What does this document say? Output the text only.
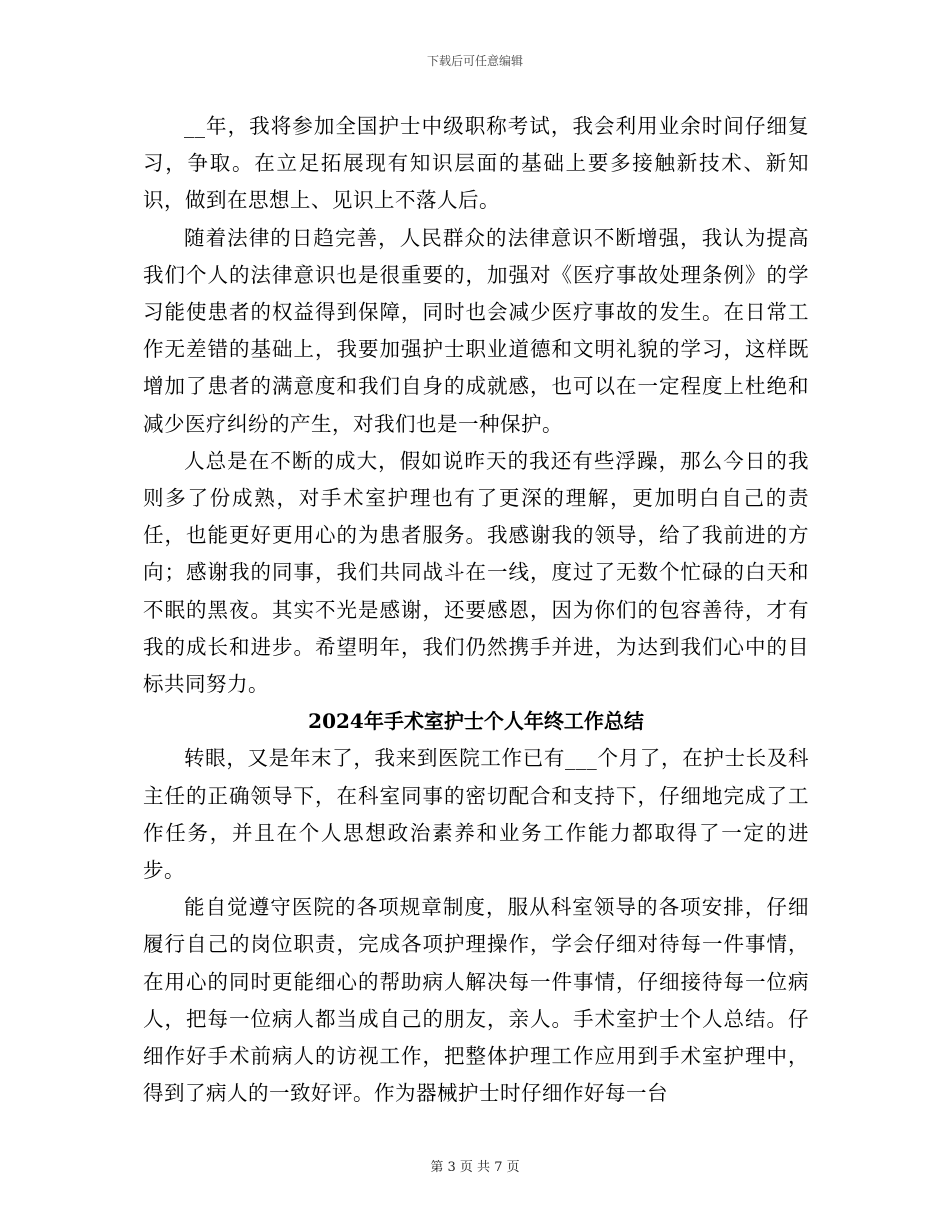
下载后可任意编辑

__年，我将参加全国护士中级职称考试，我会利用业余时间仔细复习，争取。在立足拓展现有知识层面的基础上要多接触新技术、新知识，做到在思想上、见识上不落人后。

随着法律的日趋完善，人民群众的法律意识不断增强，我认为提高我们个人的法律意识也是很重要的，加强对《医疗事故处理条例》的学习能使患者的权益得到保障，同时也会减少医疗事故的发生。在日常工作无差错的基础上，我要加强护士职业道德和文明礼貌的学习，这样既增加了患者的满意度和我们自身的成就感，也可以在一定程度上杜绝和减少医疗纠纷的产生，对我们也是一种保护。

人总是在不断的成大，假如说昨天的我还有些浮躁，那么今日的我则多了份成熟，对手术室护理也有了更深的理解，更加明白自己的责任，也能更好更用心的为患者服务。我感谢我的领导，给了我前进的方向；感谢我的同事，我们共同战斗在一线，度过了无数个忙碌的白天和不眠的黑夜。其实不光是感谢，还要感恩，因为你们的包容善待，才有我的成长和进步。希望明年，我们仍然携手并进，为达到我们心中的目标共同努力。

2024年手术室护士个人年终工作总结

转眼，又是年末了，我来到医院工作已有___个月了，在护士长及科主任的正确领导下，在科室同事的密切配合和支持下，仔细地完成了工作任务，并且在个人思想政治素养和业务工作能力都取得了一定的进步。

能自觉遵守医院的各项规章制度，服从科室领导的各项安排，仔细履行自己的岗位职责，完成各项护理操作，学会仔细对待每一件事情，在用心的同时更能细心的帮助病人解决每一件事情，仔细接待每一位病人，把每一位病人都当成自己的朋友，亲人。手术室护士个人总结。仔细作好手术前病人的访视工作，把整体护理工作应用到手术室护理中，得到了病人的一致好评。作为器械护士时仔细作好每一台

第 3 页 共 7 页
